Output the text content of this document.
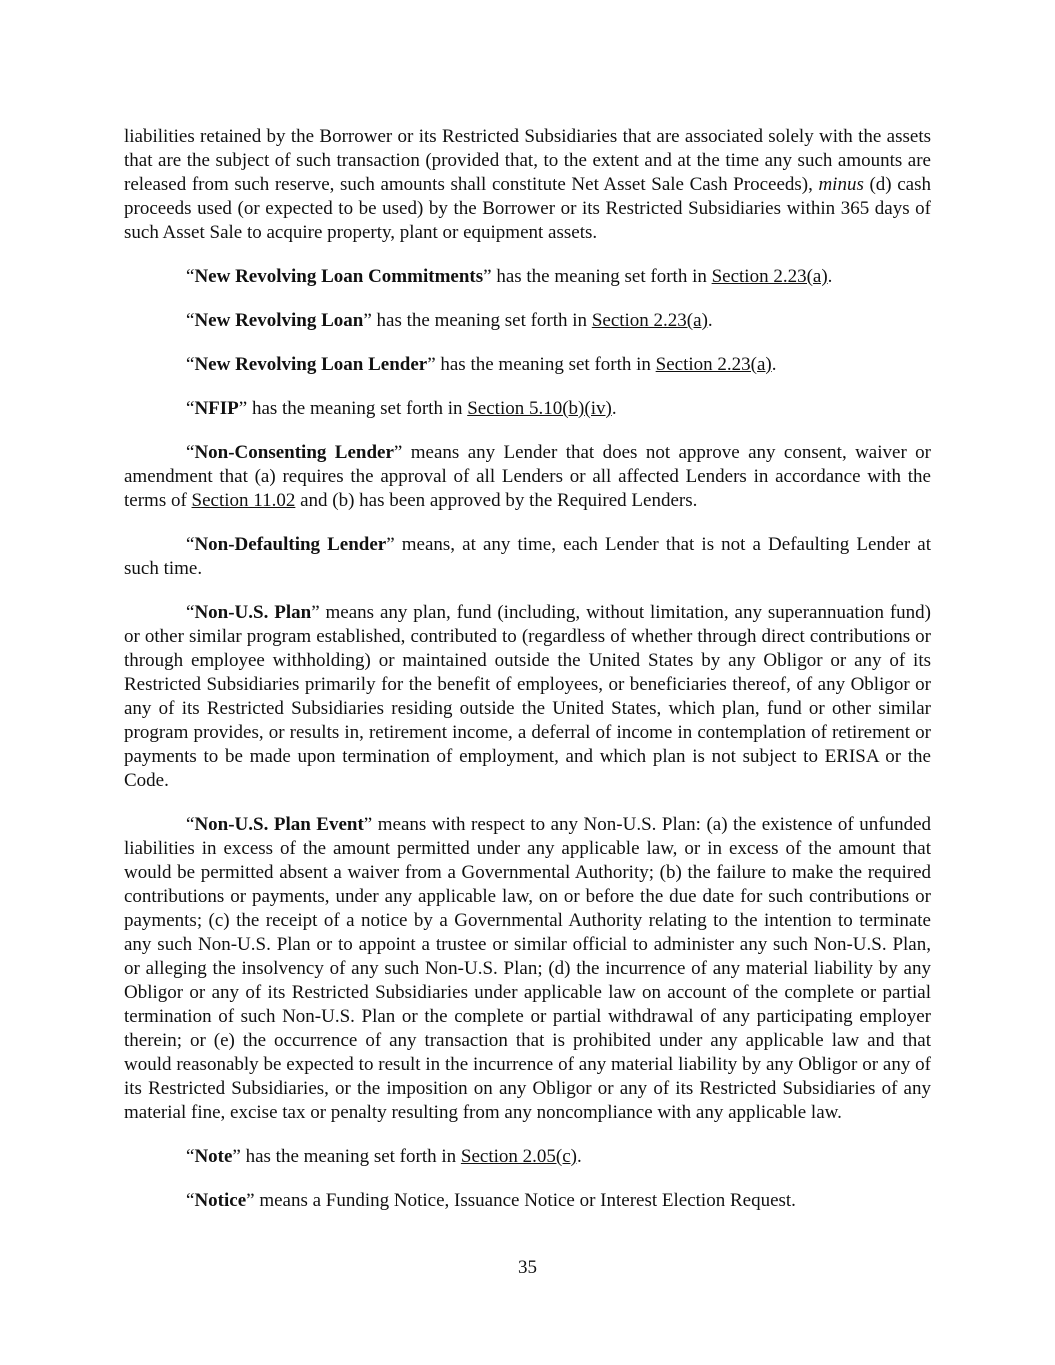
liabilities retained by the Borrower or its Restricted Subsidiaries that are associated solely with the assets that are the subject of such transaction (provided that, to the extent and at the time any such amounts are released from such reserve, such amounts shall constitute Net Asset Sale Cash Proceeds), minus (d) cash proceeds used (or expected to be used) by the Borrower or its Restricted Subsidiaries within 365 days of such Asset Sale to acquire property, plant or equipment assets.

“New Revolving Loan Commitments” has the meaning set forth in Section 2.23(a).

“New Revolving Loan” has the meaning set forth in Section 2.23(a).

“New Revolving Loan Lender” has the meaning set forth in Section 2.23(a).

“NFIP” has the meaning set forth in Section 5.10(b)(iv).

“Non-Consenting Lender” means any Lender that does not approve any consent, waiver or amendment that (a) requires the approval of all Lenders or all affected Lenders in accordance with the terms of Section 11.02 and (b) has been approved by the Required Lenders.

“Non-Defaulting Lender” means, at any time, each Lender that is not a Defaulting Lender at such time.

“Non-U.S. Plan” means any plan, fund (including, without limitation, any superannuation fund) or other similar program established, contributed to (regardless of whether through direct contributions or through employee withholding) or maintained outside the United States by any Obligor or any of its Restricted Subsidiaries primarily for the benefit of employees, or beneficiaries thereof, of any Obligor or any of its Restricted Subsidiaries residing outside the United States, which plan, fund or other similar program provides, or results in, retirement income, a deferral of income in contemplation of retirement or payments to be made upon termination of employment, and which plan is not subject to ERISA or the Code.

“Non-U.S. Plan Event” means with respect to any Non-U.S. Plan: (a) the existence of unfunded liabilities in excess of the amount permitted under any applicable law, or in excess of the amount that would be permitted absent a waiver from a Governmental Authority; (b) the failure to make the required contributions or payments, under any applicable law, on or before the due date for such contributions or payments; (c) the receipt of a notice by a Governmental Authority relating to the intention to terminate any such Non-U.S. Plan or to appoint a trustee or similar official to administer any such Non-U.S. Plan, or alleging the insolvency of any such Non-U.S. Plan; (d) the incurrence of any material liability by any Obligor or any of its Restricted Subsidiaries under applicable law on account of the complete or partial termination of such Non-U.S. Plan or the complete or partial withdrawal of any participating employer therein; or (e) the occurrence of any transaction that is prohibited under any applicable law and that would reasonably be expected to result in the incurrence of any material liability by any Obligor or any of its Restricted Subsidiaries, or the imposition on any Obligor or any of its Restricted Subsidiaries of any material fine, excise tax or penalty resulting from any noncompliance with any applicable law.

“Note” has the meaning set forth in Section 2.05(c).

“Notice” means a Funding Notice, Issuance Notice or Interest Election Request.

35
